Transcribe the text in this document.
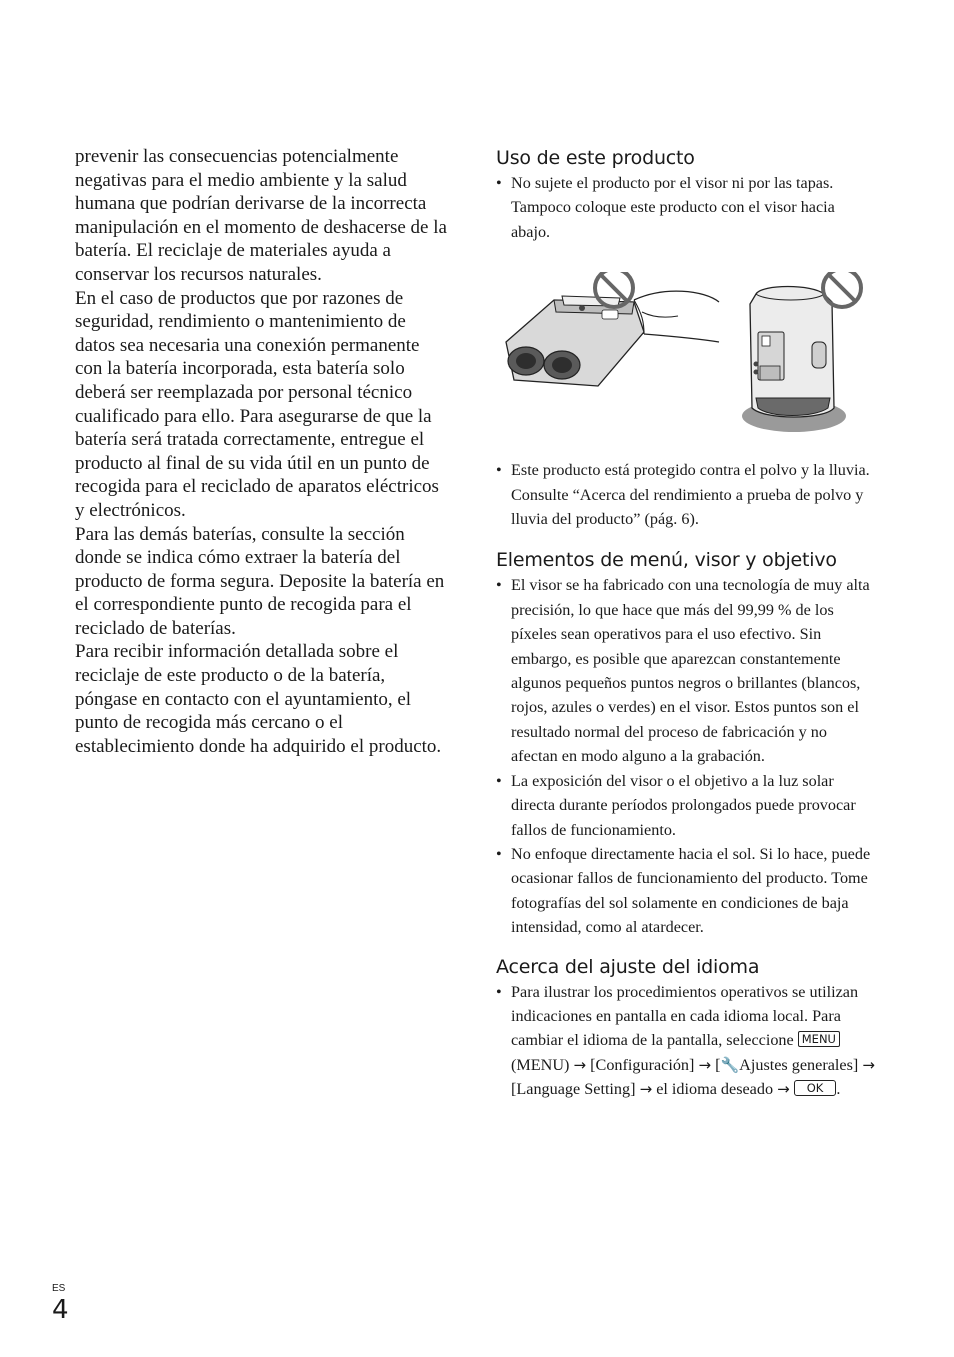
prevenir las consecuencias potencialmente negativas para el medio ambiente y la salud humana que podrían derivarse de la incorrecta manipulación en el momento de deshacerse de la batería. El reciclaje de materiales ayuda a conservar los recursos naturales.

En el caso de productos que por razones de seguridad, rendimiento o mantenimiento de datos sea necesaria una conexión permanente con la batería incorporada, esta batería solo deberá ser reemplazada por personal técnico cualificado para ello. Para asegurarse de que la batería será tratada correctamente, entregue el producto al final de su vida útil en un punto de recogida para el reciclado de aparatos eléctricos y electrónicos.

Para las demás baterías, consulte la sección donde se indica cómo extraer la batería del producto de forma segura. Deposite la batería en el correspondiente punto de recogida para el reciclado de baterías.

Para recibir información detallada sobre el reciclaje de este producto o de la batería, póngase en contacto con el ayuntamiento, el punto de recogida más cercano o el establecimiento donde ha adquirido el producto.

Uso de este producto
• No sujete el producto por el visor ni por las tapas. Tampoco coloque este producto con el visor hacia abajo.
• Este producto está protegido contra el polvo y la lluvia. Consulte “Acerca del rendimiento a prueba de polvo y lluvia del producto” (pág. 6).
Elementos de menú, visor y objetivo
• El visor se ha fabricado con una tecnología de muy alta precisión, lo que hace que más del 99,99 % de los píxeles sean operativos para el uso efectivo. Sin embargo, es posible que aparezcan constantemente algunos pequeños puntos negros o brillantes (blancos, rojos, azules o verdes) en el visor. Estos puntos son el resultado normal del proceso de fabricación y no afectan en modo alguno a la grabación.
• La exposición del visor o el objetivo a la luz solar directa durante períodos prolongados puede provocar fallos de funcionamiento.
• No enfoque directamente hacia el sol. Si lo hace, puede ocasionar fallos de funcionamiento del producto. Tome fotografías del sol solamente en condiciones de baja intensidad, como al atardecer.
Acerca del ajuste del idioma
• Para ilustrar los procedimientos operativos se utilizan indicaciones en pantalla en cada idioma local. Para cambiar el idioma de la pantalla, seleccione MENU (MENU) → [Configuración] → [🔧Ajustes generales] → [Language Setting] → el idioma deseado → OK .
ES
4
